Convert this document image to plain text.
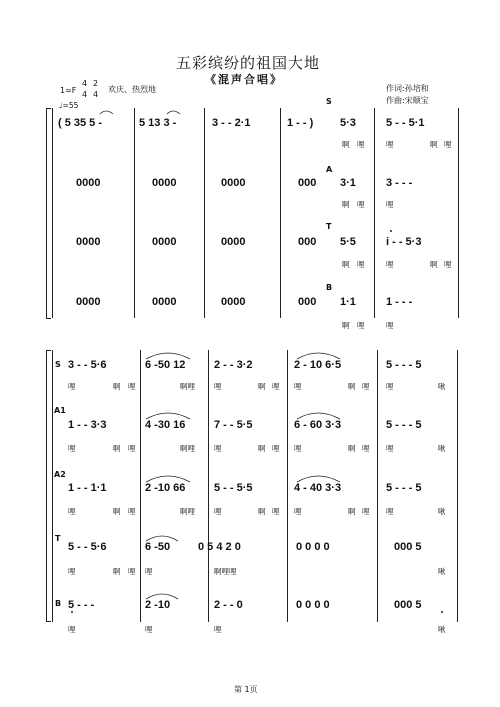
五彩缤纷的祖国大地
《混声合唱》
1=F
4
4
2
4
欢庆、热烈地
♩=55
作词:孙培和
作曲:宋顺宝
S
A
T
B
( 5 35 5 -	5 13 3 -	3 - - 2·1	1 - - ) 5·3	5 - - 5·1
啊 哩	哩	啊 哩
0000	0000	0000	000 3·1	3 - - -
啊 哩	哩
0000	0000	0000	000 5·5	i - - 5·3
啊 哩	哩	啊 哩
0000	0000	0000	000 1·1	1 - - -
啊 哩	哩
S
A1
A2
T
B
3 - - 5·6	6 -50 12	2 - - 3·2	2 - 10 6·5	5 - - - 5
哩	啊 哩	啊哩	哩	啊 哩 哩	啊 哩 哩	啾
1 - - 3·3	4 -30 16	7 - - 5·5	6 - 60 3·3	5 - - - 5
哩	啊 哩	啊哩	哩	啊 哩 哩	啊 哩 哩	啾
1 - - 1·1	2 -10 66	5 - - 5·5	4 - 40 3·3	5 - - - 5
哩	啊 哩	啊哩	哩	啊 哩 哩	啊 哩 哩	啾
5 - - 5·6	6 -50	0 5 4 2 0	0 0 0 0	000 5
哩	啊 哩 哩	啊哩哩	啾
5 - - -	2 -10	2 - - 0	0 0 0 0	000 5
哩	哩	哩	啾
第 1页
